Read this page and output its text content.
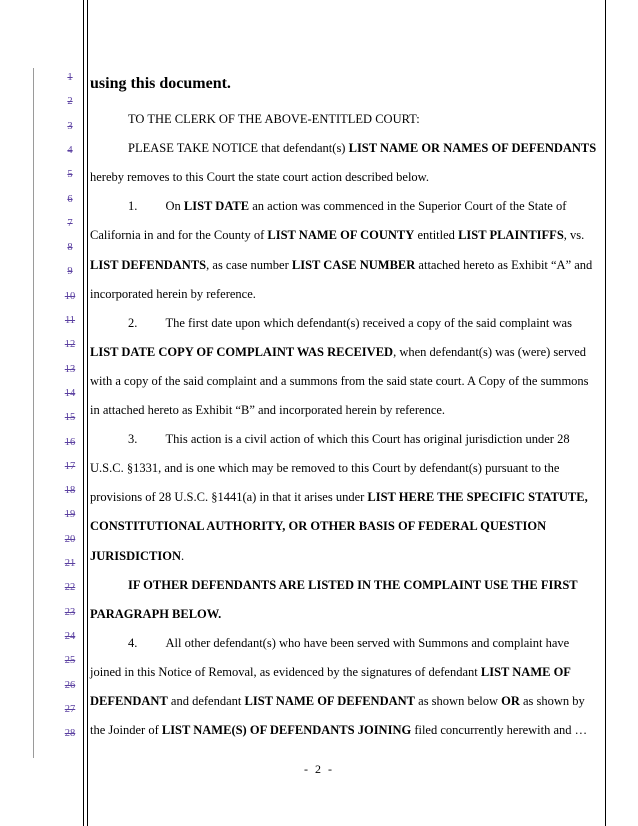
1
2
3
4
5
6
7
8
9
10
11
12
13
14
15
16
17
18
19
20
21
22
23
24
25
26
27
28
using this document.
TO THE CLERK OF THE ABOVE-ENTITLED COURT:
PLEASE TAKE NOTICE that defendant(s) LIST NAME OR NAMES OF DEFENDANTS
hereby removes to this Court the state court action described below.
1.         On LIST DATE an action was commenced in the Superior Court of the State of
California in and for the County of LIST NAME OF COUNTY entitled LIST PLAINTIFFS, vs.
LIST DEFENDANTS, as case number LIST CASE NUMBER attached hereto as Exhibit “A” and
incorporated herein by reference.
2.         The first date upon which defendant(s) received a copy of the said complaint was
LIST DATE COPY OF COMPLAINT WAS RECEIVED, when defendant(s) was (were) served
with a copy of the said complaint and a summons from the said state court. A Copy of the summons
in attached hereto as Exhibit “B” and incorporated herein by reference.
3.         This action is a civil action of which this Court has original jurisdiction under 28
U.S.C. §1331, and is one which may be removed to this Court by defendant(s) pursuant to the
provisions of 28 U.S.C. §1441(a) in that it arises under LIST HERE THE SPECIFIC STATUTE,
CONSTITUTIONAL AUTHORITY, OR OTHER BASIS OF FEDERAL QUESTION
JURISDICTION.
IF OTHER DEFENDANTS ARE LISTED IN THE COMPLAINT USE THE FIRST
PARAGRAPH BELOW.
4.         All other defendant(s) who have been served with Summons and complaint have
joined in this Notice of Removal, as evidenced by the signatures of defendant LIST NAME OF
DEFENDANT and defendant LIST NAME OF DEFENDANT as shown below OR as shown by
the Joinder of LIST NAME(S) OF DEFENDANTS JOINING filed concurrently herewith and …
- 2 -
